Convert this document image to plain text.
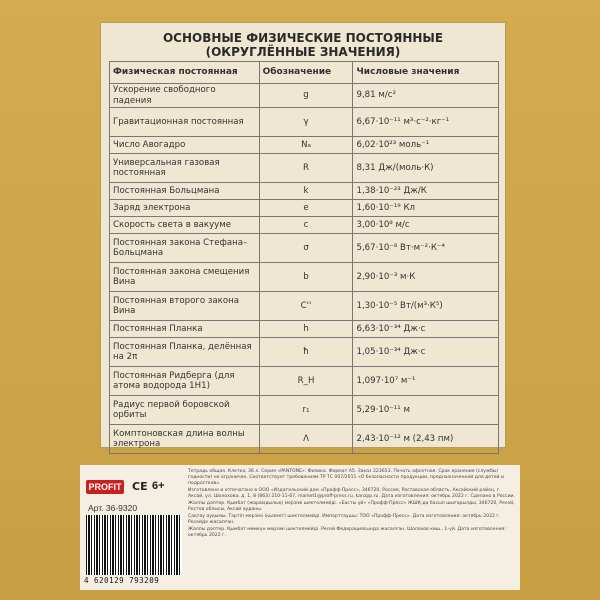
ОСНОВНЫЕ ФИЗИЧЕСКИЕ ПОСТОЯННЫЕ
(ОКРУГЛЁННЫЕ ЗНАЧЕНИЯ)
Физическая постоянная	Обозначение	Числовые значения
Ускорение свободного падения	g	9,81 м/с²
Гравитационная постоянная	γ	6,67·10⁻¹¹ м³·с⁻²·кг⁻¹
Число Авогадро	Nₐ	6,02·10²³ моль⁻¹
Универсальная газовая постоянная	R	8,31 Дж/(моль·К)
Постоянная Больцмана	k	1,38·10⁻²³ Дж/К
Заряд электрона	e	1,60·10⁻¹⁹ Кл
Скорость света в вакууме	c	3,00·10⁸ м/с
Постоянная закона Стефана–Больцмана	σ	5,67·10⁻⁸ Вт·м⁻²·К⁻⁴
Постоянная закона смещения Вина	b	2,90·10⁻³ м·К
Постоянная второго закона Вина	C''	1,30·10⁻⁵ Вт/(м³·К⁵)
Постоянная Планка	h	6,63·10⁻³⁴ Дж·с
Постоянная Планка, делённая на 2π	ħ	1,05·10⁻³⁴ Дж·с
Постоянная Ридберга (для атома водорода 1Н1)	R_H	1,097·10⁷ м⁻¹
Радиус первой боровской орбиты	r₁	5,29·10⁻¹¹ м
Комптоновская длина волны электрона	Λ	2,43·10⁻¹² м (2,43 пм)
PROFIT CE 6+
Арт. 36-9320
4 620129 793209

Тетрадь общая. Клетка, 36 л. Серия «PANTONE». Физика. Формат А5. Заказ 223653. Печать офсетная. Срок хранения (службы/годности) не ограничен. Соответствует требованиям ТР ТС 007/2011 «О безопасности продукции, предназначенной для детей и подростков».

Изготовлено и отпечатано в ООО «Издательский дом «Профф-Пресс», 346720, Россия, Ростовская область, Аксайский район, г. Аксай, ул. Шолохова, д. 1, 8 (863) 210-11-67, market1@proff-press.ru, kanzpp.ru. Дата изготовления: октябрь 2022 г. Сделано в России.

Жалпы дәптер. Қымбат (жарамдылық) мерзімі шектелмейді. «Басты үй» «Профф-Пресс» ЖШҚ-да басып шығарылды, 346720, Ресей, Ростов облысы, Аксай ауданы.

Сақтау ауқымы. Тәртіп мерзімі (қызмет) шектелмейді. Импорттаушы: ТОО «Профф-Пресс». Дата изготовления: октябрь 2022 г. Ресейде жасалған.

Жалпы дәптер. Қымбат мөмкүн мерзімі шектелмейді. Ресей Федерациясында жасалған. Шолохов көш., 1-үй. Дата изготовления: октябрь 2022 г.
